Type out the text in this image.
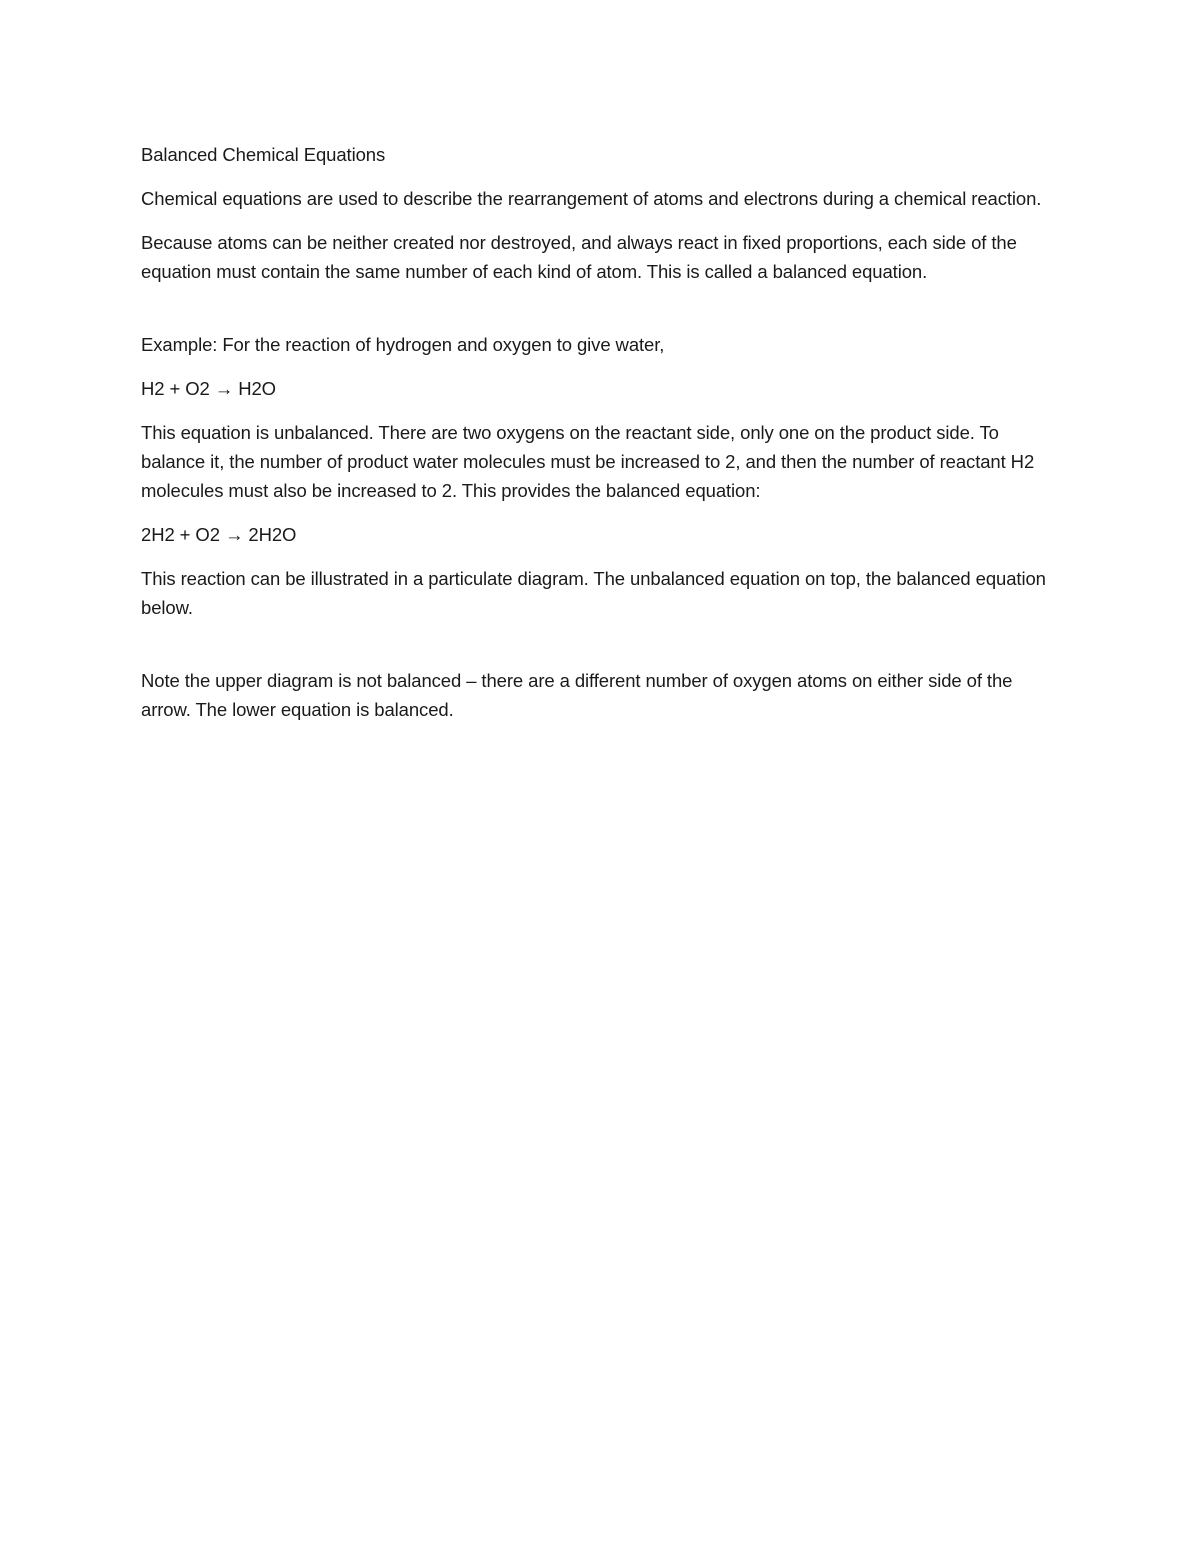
Balanced Chemical Equations

Chemical equations are used to describe the rearrangement of atoms and electrons during a chemical reaction.

Because atoms can be neither created nor destroyed, and always react in fixed proportions, each side of the equation must contain the same number of each kind of atom. This is called a balanced equation.

Example: For the reaction of hydrogen and oxygen to give water,

H2 + O2 → H2O

This equation is unbalanced. There are two oxygens on the reactant side, only one on the product side. To balance it, the number of product water molecules must be increased to 2, and then the number of reactant H2 molecules must also be increased to 2. This provides the balanced equation:

2H2 + O2 → 2H2O

This reaction can be illustrated in a particulate diagram. The unbalanced equation on top, the balanced equation below.

Note the upper diagram is not balanced – there are a different number of oxygen atoms on either side of the arrow. The lower equation is balanced.
